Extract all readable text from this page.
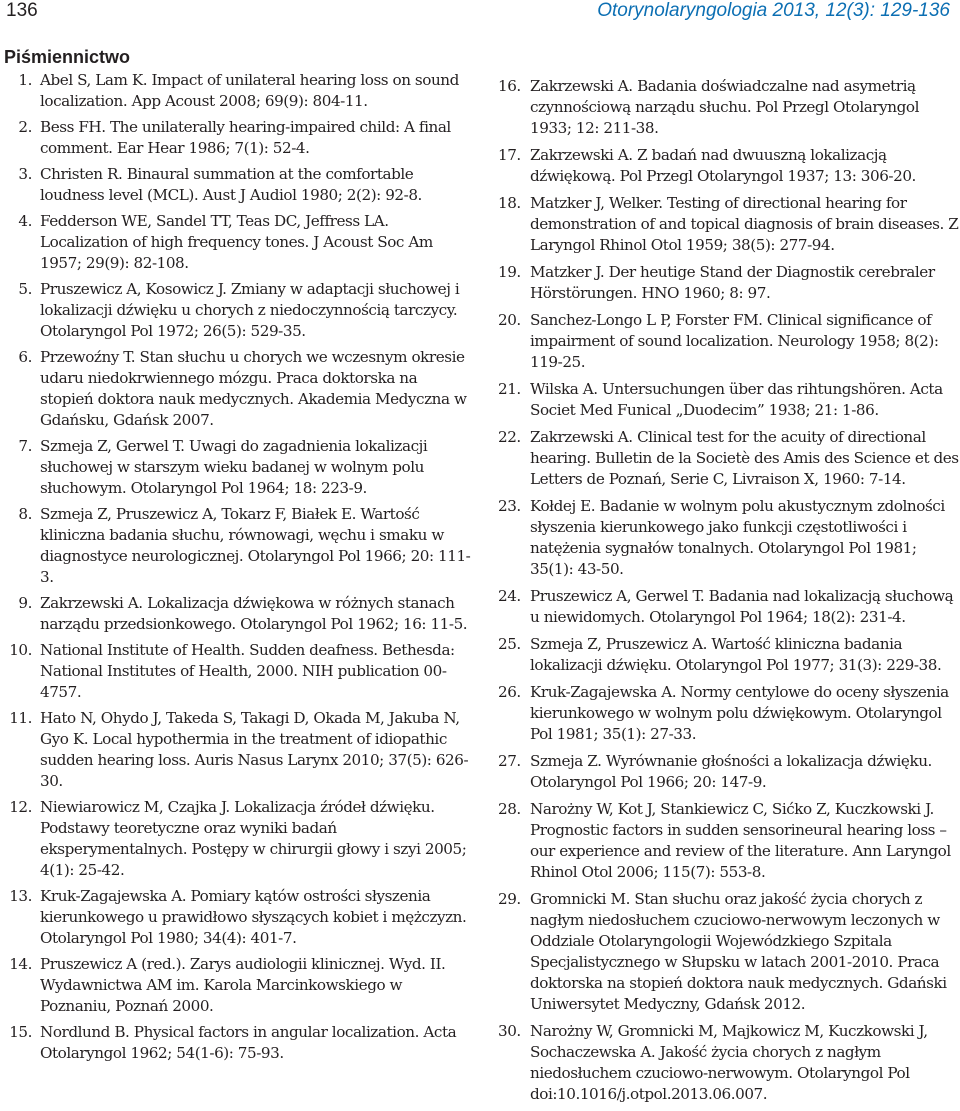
136	Otorynolaryngologia 2013, 12(3): 129-136
Piśmiennictwo
1. Abel S, Lam K. Impact of unilateral hearing loss on sound localization. App Acoust 2008; 69(9): 804-11.
2. Bess FH. The unilaterally hearing-impaired child: A final comment. Ear Hear 1986; 7(1): 52-4.
3. Christen R. Binaural summation at the comfortable loudness level (MCL). Aust J Audiol 1980; 2(2): 92-8.
4. Fedderson WE, Sandel TT, Teas DC, Jeffress LA. Localization of high frequency tones. J Acoust Soc Am 1957; 29(9): 82-108.
5. Pruszewicz A, Kosowicz J. Zmiany w adaptacji słuchowej i lokalizacji dźwięku u chorych z niedoczynnością tarczycy. Otolaryngol Pol 1972; 26(5): 529-35.
6. Przewoźny T. Stan słuchu u chorych we wczesnym okresie udaru niedokrwiennego mózgu. Praca doktorska na stopień doktora nauk medycznych. Akademia Medyczna w Gdańsku, Gdańsk 2007.
7. Szmeja Z, Gerwel T. Uwagi do zagadnienia lokalizacji słuchowej w starszym wieku badanej w wolnym polu słuchowym. Otolaryngol Pol 1964; 18: 223-9.
8. Szmeja Z, Pruszewicz A, Tokarz F, Białek E. Wartość kliniczna badania słuchu, równowagi, węchu i smaku w diagnostyce neurologicznej. Otolaryngol Pol 1966; 20: 111-3.
9. Zakrzewski A. Lokalizacja dźwiękowa w różnych stanach narządu przedsionkowego. Otolaryngol Pol 1962; 16: 11-5.
10. National Institute of Health. Sudden deafness. Bethesda: National Institutes of Health, 2000. NIH publication 00-4757.
11. Hato N, Ohydo J, Takeda S, Takagi D, Okada M, Jakuba N, Gyo K. Local hypothermia in the treatment of idiopathic sudden hearing loss. Auris Nasus Larynx 2010; 37(5): 626-30.
12. Niewiarowicz M, Czajka J. Lokalizacja źródeł dźwięku. Podstawy teoretyczne oraz wyniki badań eksperymentalnych. Postępy w chirurgii głowy i szyi 2005; 4(1): 25-42.
13. Kruk-Zagajewska A. Pomiary kątów ostrości słyszenia kierunkowego u prawidłowo słyszących kobiet i mężczyzn. Otolaryngol Pol 1980; 34(4): 401-7.
14. Pruszewicz A (red.). Zarys audiologii klinicznej. Wyd. II. Wydawnictwa AM im. Karola Marcinkowskiego w Poznaniu, Poznań 2000.
15. Nordlund B. Physical factors in angular localization. Acta Otolaryngol 1962; 54(1-6): 75-93.
16. Zakrzewski A. Badania doświadczalne nad asymetrią czynnościową narządu słuchu. Pol Przegl Otolaryngol 1933; 12: 211-38.
17. Zakrzewski A. Z badań nad dwuuszną lokalizacją dźwiękową. Pol Przegl Otolaryngol 1937; 13: 306-20.
18. Matzker J, Welker. Testing of directional hearing for demonstration of and topical diagnosis of brain diseases. Z Laryngol Rhinol Otol 1959; 38(5): 277-94.
19. Matzker J. Der heutige Stand der Diagnostik cerebraler Hörstörungen. HNO 1960; 8: 97.
20. Sanchez-Longo L P, Forster FM. Clinical significance of impairment of sound localization. Neurology 1958; 8(2): 119-25.
21. Wilska A. Untersuchungen über das rihtungshören. Acta Societ Med Funical „Duodecim” 1938; 21: 1-86.
22. Zakrzewski A. Clinical test for the acuity of directional hearing. Bulletin de la Societè des Amis des Science et des Letters de Poznań, Serie C, Livraison X, 1960: 7-14.
23. Kołdej E. Badanie w wolnym polu akustycznym zdolności słyszenia kierunkowego jako funkcji częstotliwości i natężenia sygnałów tonalnych. Otolaryngol Pol 1981; 35(1): 43-50.
24. Pruszewicz A, Gerwel T. Badania nad lokalizacją słuchową u niewidomych. Otolaryngol Pol 1964; 18(2): 231-4.
25. Szmeja Z, Pruszewicz A. Wartość kliniczna badania lokalizacji dźwięku. Otolaryngol Pol 1977; 31(3): 229-38.
26. Kruk-Zagajewska A. Normy centylowe do oceny słyszenia kierunkowego w wolnym polu dźwiękowym. Otolaryngol Pol 1981; 35(1): 27-33.
27. Szmeja Z. Wyrównanie głośności a lokalizacja dźwięku. Otolaryngol Pol 1966; 20: 147-9.
28. Narożny W, Kot J, Stankiewicz C, Sićko Z, Kuczkowski J. Prognostic factors in sudden sensorineural hearing loss – our experience and review of the literature. Ann Laryngol Rhinol Otol 2006; 115(7): 553-8.
29. Gromnicki M. Stan słuchu oraz jakość życia chorych z nagłym niedosłuchem czuciowo-nerwowym leczonych w Oddziale Otolaryngologii Wojewódzkiego Szpitala Specjalistycznego w Słupsku w latach 2001-2010. Praca doktorska na stopień doktora nauk medycznych. Gdański Uniwersytet Medyczny, Gdańsk 2012.
30. Narożny W, Gromnicki M, Majkowicz M, Kuczkowski J, Sochaczewska A. Jakość życia chorych z nagłym niedosłuchem czuciowo-nerwowym. Otolaryngol Pol doi:10.1016/j.otpol.2013.06.007.
